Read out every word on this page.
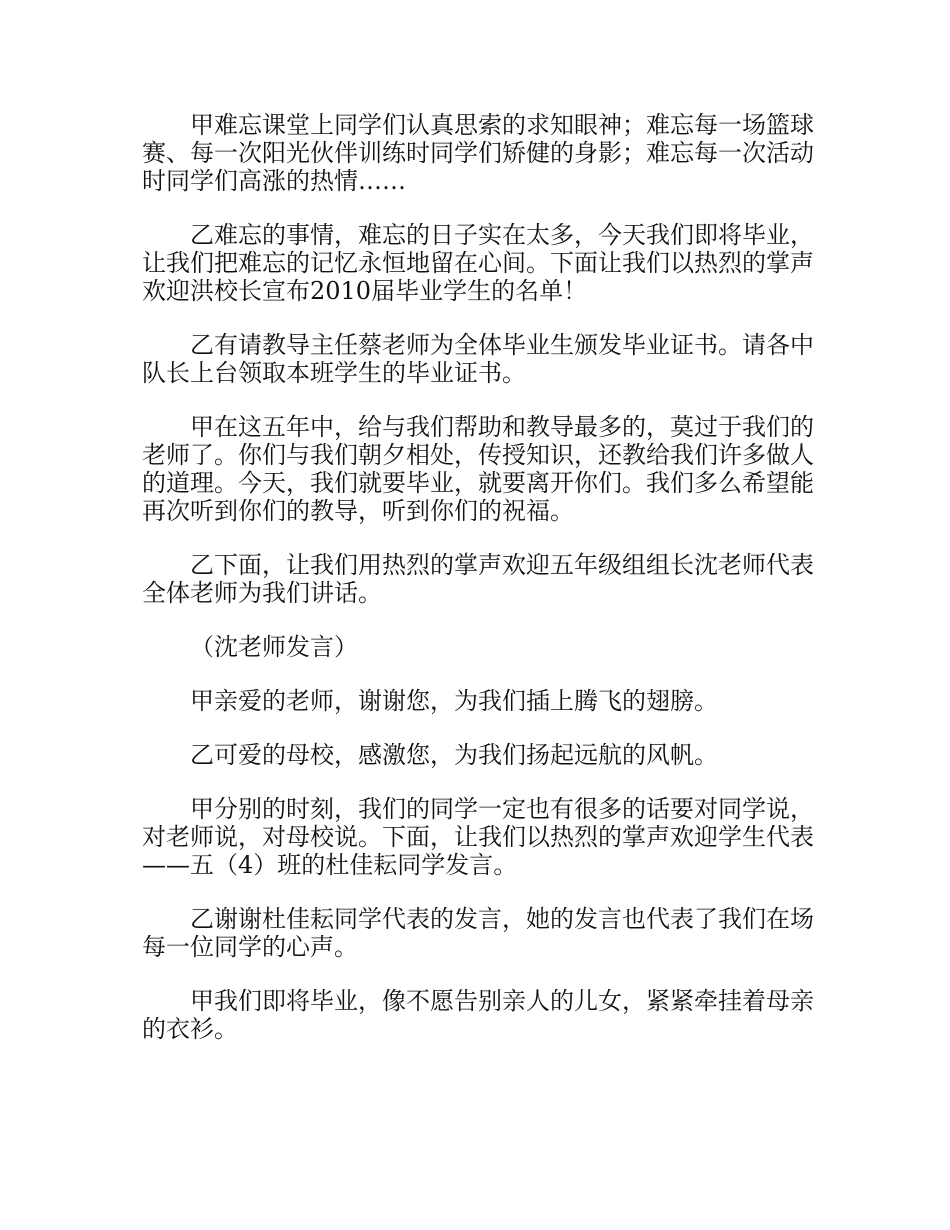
甲难忘课堂上同学们认真思索的求知眼神；难忘每一场篮球赛、每一次阳光伙伴训练时同学们矫健的身影；难忘每一次活动时同学们高涨的热情……

乙难忘的事情，难忘的日子实在太多，今天我们即将毕业，让我们把难忘的记忆永恒地留在心间。下面让我们以热烈的掌声欢迎洪校长宣布2010届毕业学生的名单！

乙有请教导主任蔡老师为全体毕业生颁发毕业证书。请各中队长上台领取本班学生的毕业证书。

甲在这五年中，给与我们帮助和教导最多的，莫过于我们的老师了。你们与我们朝夕相处，传授知识，还教给我们许多做人的道理。今天，我们就要毕业，就要离开你们。我们多么希望能再次听到你们的教导，听到你们的祝福。

乙下面，让我们用热烈的掌声欢迎五年级组组长沈老师代表全体老师为我们讲话。

（沈老师发言）

甲亲爱的老师，谢谢您，为我们插上腾飞的翅膀。

乙可爱的母校，感激您，为我们扬起远航的风帆。

甲分别的时刻，我们的同学一定也有很多的话要对同学说，对老师说，对母校说。下面，让我们以热烈的掌声欢迎学生代表——五（4）班的杜佳耘同学发言。

乙谢谢杜佳耘同学代表的发言，她的发言也代表了我们在场每一位同学的心声。

甲我们即将毕业，像不愿告别亲人的儿女，紧紧牵挂着母亲的衣衫。
